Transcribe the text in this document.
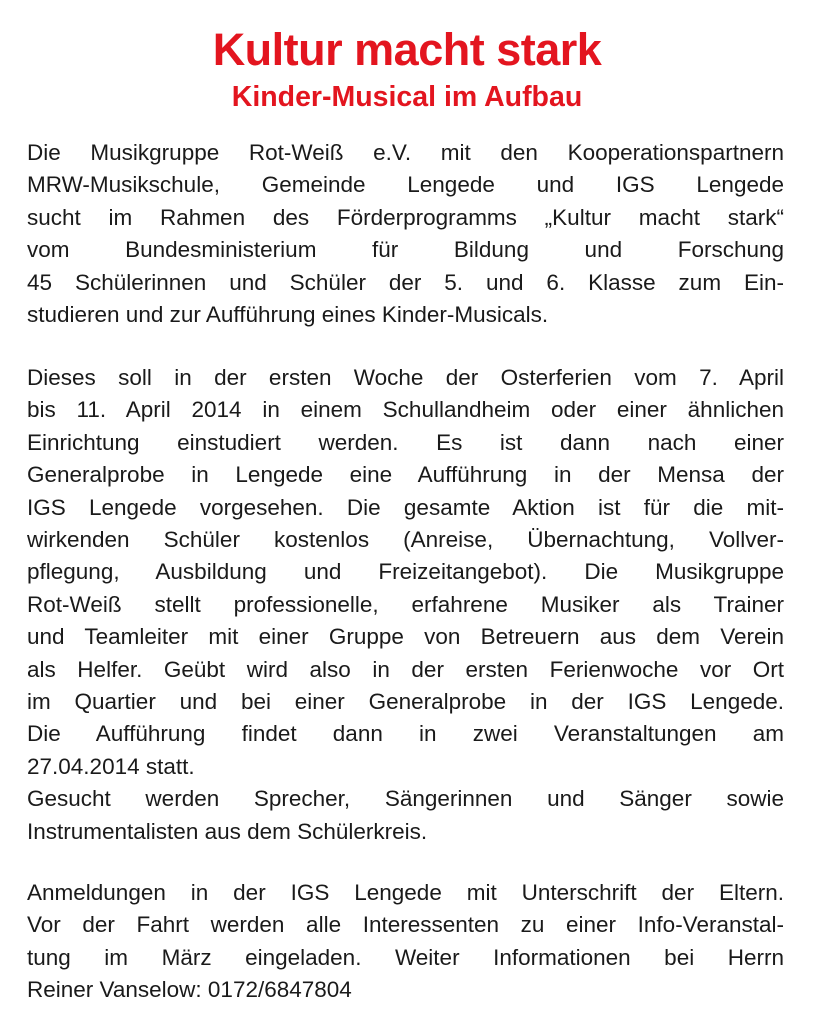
Kultur macht stark
Kinder-Musical im Aufbau
Die Musikgruppe Rot-Weiß e.V. mit den Kooperationspartnern
MRW-Musikschule, Gemeinde Lengede und IGS Lengede
sucht im Rahmen des Förderprogramms „Kultur macht stark“
vom Bundesministerium für Bildung und Forschung
45 Schülerinnen und Schüler der 5. und 6. Klasse zum Ein-
studieren und zur Aufführung eines Kinder-Musicals.
Dieses soll in der ersten Woche der Osterferien vom 7. April
bis 11. April 2014 in einem Schullandheim oder einer ähnlichen
Einrichtung einstudiert werden. Es ist dann nach einer
Generalprobe in Lengede eine Aufführung in der Mensa der
IGS Lengede vorgesehen. Die gesamte Aktion ist für die mit-
wirkenden Schüler kostenlos (Anreise, Übernachtung, Vollver-
pflegung, Ausbildung und Freizeitangebot). Die Musikgruppe
Rot-Weiß stellt professionelle, erfahrene Musiker als Trainer
und Teamleiter mit einer Gruppe von Betreuern aus dem Verein
als Helfer. Geübt wird also in der ersten Ferienwoche vor Ort
im Quartier und bei einer Generalprobe in der IGS Lengede.
Die Aufführung findet dann in zwei Veranstaltungen am
27.04.2014 statt.
Gesucht werden Sprecher, Sängerinnen und Sänger sowie
Instrumentalisten aus dem Schülerkreis.
Anmeldungen in der IGS Lengede mit Unterschrift der Eltern.
Vor der Fahrt werden alle Interessenten zu einer Info-Veranstal-
tung im März eingeladen. Weiter Informationen bei Herrn
Reiner Vanselow: 0172/6847804
